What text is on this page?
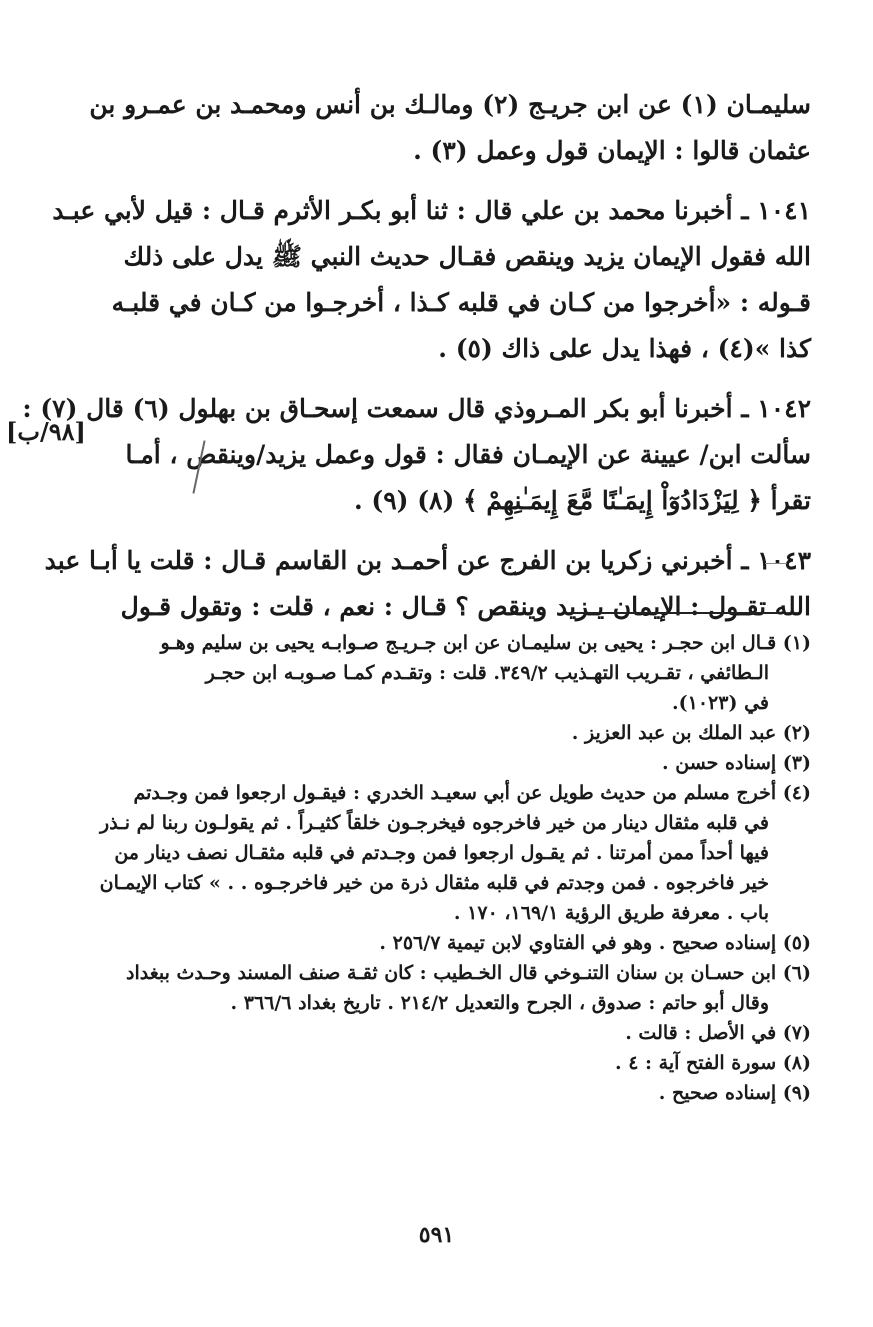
سليمـان (١) عن ابن جريـج (٢) ومالـك بن أنس ومحمـد بن عمـرو بن
عثمان قالوا : الإيمان قول وعمل (٣) .
١٠٤١ ـ أخبرنا محمد بن علي قال : ثنا أبو بكـر الأثرم قـال : قيل لأبي عبـد
الله فقول الإيمان يزيد وينقص فقـال حديث النبي ﷺ يدل على ذلك
قـوله : «أخرجوا من كـان في قلبه كـذا ، أخرجـوا من كـان في قلبـه
كذا »(٤) ، فهذا يدل على ذاك (٥) .
١٠٤٢ ـ أخبرنا أبو بكر المـروذي قال سمعت إسحـاق بن بهلول (٦) قال (٧) :
سألت ابن/ عيينة عن الإيمـان فقال : قول وعمل يزيد/وينقص ، أمـا
تقرأ ﴿ لِيَزْدَادُوٓاْ إِيمَـٰنًا مَّعَ إِيمَـٰنِهِمْ ﴾ (٨) (٩) .
١٠٤٣ ـ أخبرني زكريا بن الفرج عن أحمـد بن القاسم قـال : قلت يا أبـا عبد
الله تقـول : الإيمان يـزيد وينقص ؟ قـال : نعم ، قلت : وتقول قـول
[٩٨/ب]
(١) قـال ابن حجـر : يحيى بن سليمـان عن ابن جـريـج صـوابـه يحيى بن سليم وهـو
الـطائفي ، تقـريب التهـذيب ٣٤٩/٢. قلت : وتقـدم كمـا صـوبـه ابن حجـر
في (١٠٢٣).
(٢) عبد الملك بن عبد العزيز .
(٣) إسناده حسن .
(٤) أخرج مسلم من حديث طويل عن أبي سعيـد الخدري : فيقـول ارجعوا فمن وجـدتم
في قلبه مثقال دينار من خير فاخرجوه فيخرجـون خلقاً كثيـراً . ثم يقولـون ربنا لم نـذر
فيها أحداً ممن أمرتنا . ثم يقـول ارجعوا فمن وجـدتم في قلبه مثقـال نصف دينار من
خير فاخرجوه . فمن وجدتم في قلبه مثقال ذرة من خير فاخرجـوه . . » كتاب الإيمـان
باب . معرفة طريق الرؤية ١٦٩/١، ١٧٠ .
(٥) إسناده صحيح . وهو في الفتاوي لابن تيمية ٢٥٦/٧ .
(٦) ابن حسـان بن سنان التنـوخي قال الخـطيب : كان ثقـة صنف المسند وحـدث ببغداد
وقال أبو حاتم : صدوق ، الجرح والتعديل ٢١٤/٢ . تاريخ بغداد ٣٦٦/٦ .
(٧) في الأصل : قالت .
(٨) سورة الفتح آية : ٤ .
(٩) إسناده صحيح .
٥٩١
